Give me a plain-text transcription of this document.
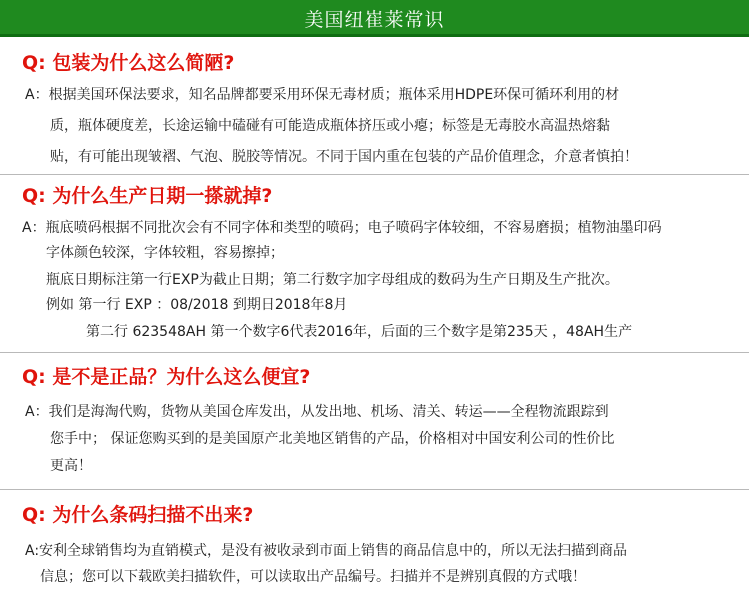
美国纽崔莱常识
Q: 包装为什么这么简陋?
A：根据美国环保法要求，知名品牌都要采用环保无毒材质；瓶体采用HDPE环保可循环利用的材
质，瓶体硬度差，长途运输中磕碰有可能造成瓶体挤压或小瘪；标签是无毒胶水高温热熔黏
贴，有可能出现皱褶、气泡、脱胶等情况。不同于国内重在包装的产品价值理念，介意者慎拍！
Q: 为什么生产日期一搽就掉?
A：瓶底喷码根据不同批次会有不同字体和类型的喷码；电子喷码字体较细，不容易磨损；植物油墨印码
字体颜色较深，字体较粗，容易擦掉；
瓶底日期标注第一行EXP为截止日期；第二行数字加字母组成的数码为生产日期及生产批次。
例如 第一行 EXP ：08/2018 到期日2018年8月
第二行 623548AH 第一个数字6代表2016年，后面的三个数字是第235天 ，48AH生产
Q: 是不是正品？为什么这么便宜?
A：我们是海淘代购，货物从美国仓库发出，从发出地、机场、清关、转运——全程物流跟踪到
您手中； 保证您购买到的是美国原产北美地区销售的产品，价格相对中国安利公司的性价比
更高！
Q: 为什么条码扫描不出来?
A:安利全球销售均为直销模式，是没有被收录到市面上销售的商品信息中的，所以无法扫描到商品
信息；您可以下载欧美扫描软件，可以读取出产品编号。扫描并不是辨别真假的方式哦！
